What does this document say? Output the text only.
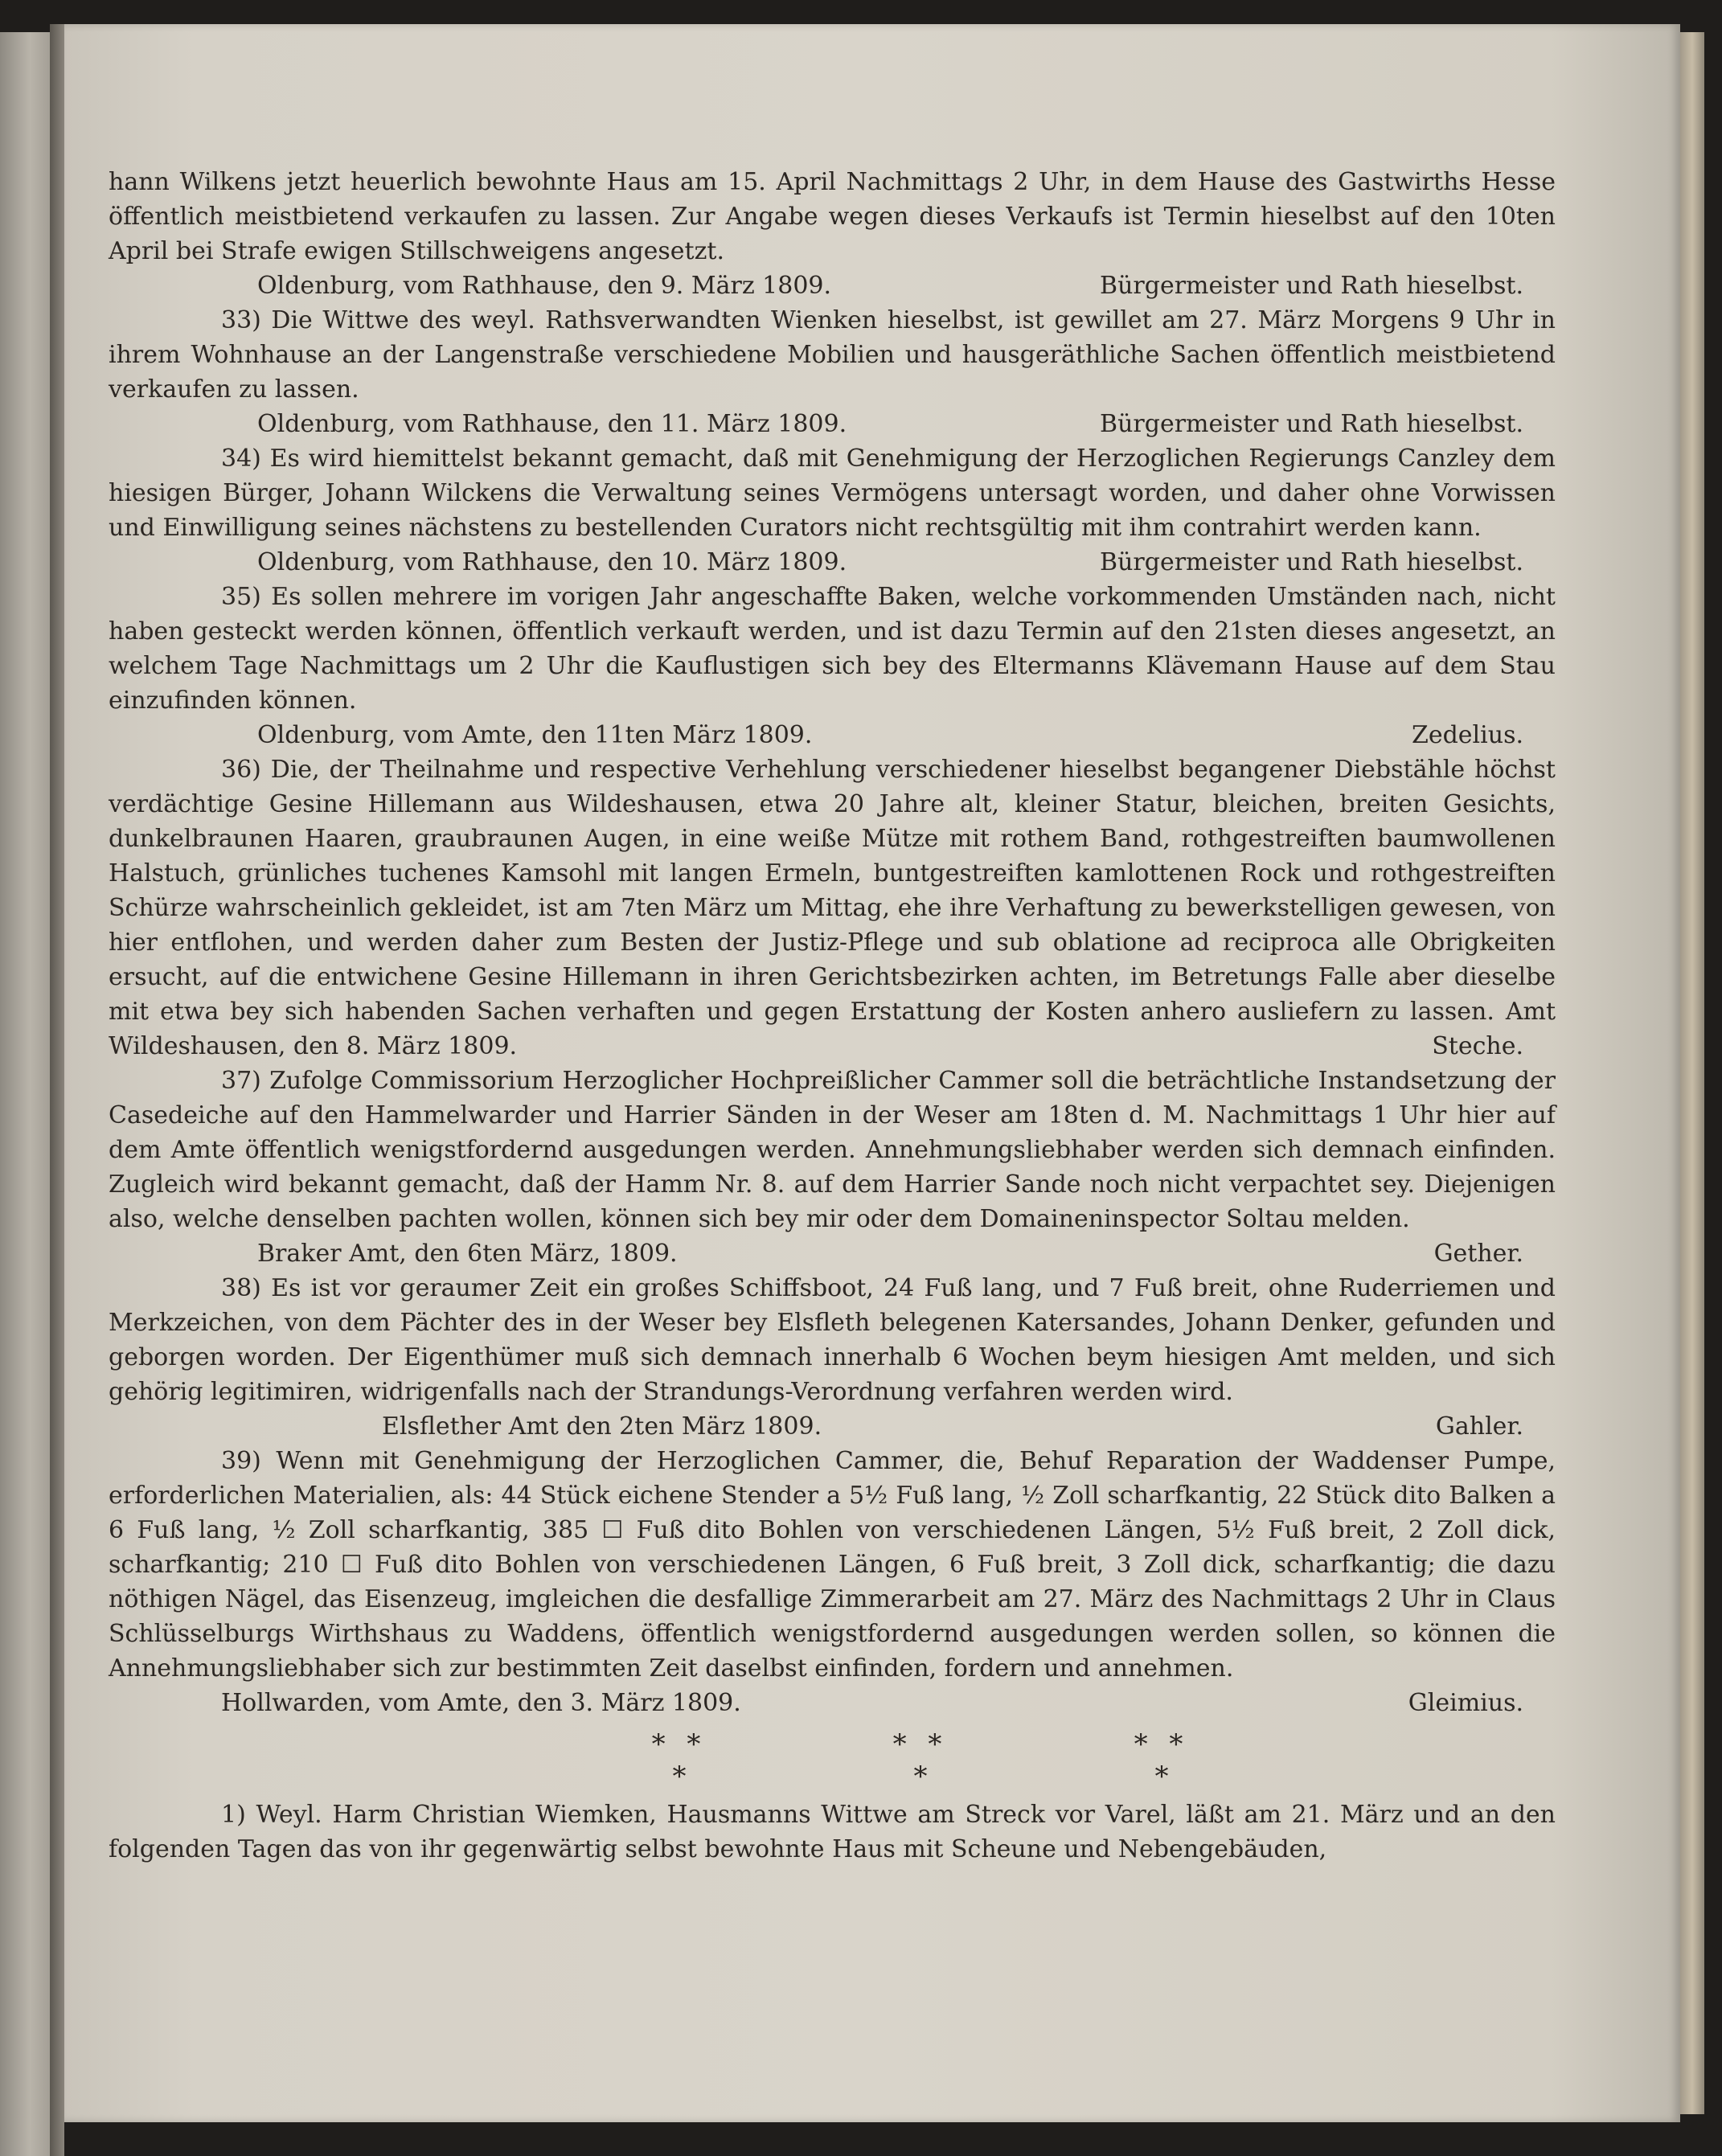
hann Wilkens jetzt heuerlich bewohnte Haus am 15. April Nachmittags 2 Uhr, in dem Hause des Gastwirths Hesse öffentlich meistbietend verkaufen zu lassen. Zur Angabe wegen dieses Verkaufs ist Termin hieselbst auf den 10ten April bei Strafe ewigen Stillschweigens angesetzt.

Oldenburg, vom Rathhause, den 9. März 1809.	Bürgermeister und Rath hieselbst.

33) Die Wittwe des weyl. Rathsverwandten Wienken hieselbst, ist gewillet am 27. März Morgens 9 Uhr in ihrem Wohnhause an der Langenstraße verschiedene Mobilien und hausgeräthliche Sachen öffentlich meistbietend verkaufen zu lassen.

Oldenburg, vom Rathhause, den 11. März 1809.	Bürgermeister und Rath hieselbst.

34) Es wird hiemittelst bekannt gemacht, daß mit Genehmigung der Herzoglichen Regierungs Canzley dem hiesigen Bürger, Johann Wilckens die Verwaltung seines Vermögens untersagt worden, und daher ohne Vorwissen und Einwilligung seines nächstens zu bestellenden Curators nicht rechtsgültig mit ihm contrahirt werden kann.

Oldenburg, vom Rathhause, den 10. März 1809.	Bürgermeister und Rath hieselbst.

35) Es sollen mehrere im vorigen Jahr angeschaffte Baken, welche vorkommenden Umständen nach, nicht haben gesteckt werden können, öffentlich verkauft werden, und ist dazu Termin auf den 21sten dieses angesetzt, an welchem Tage Nachmittags um 2 Uhr die Kauflustigen sich bey des Eltermanns Klävemann Hause auf dem Stau einzufinden können.

Oldenburg, vom Amte, den 11ten März 1809.	Zedelius.

36) Die, der Theilnahme und respective Verhehlung verschiedener hieselbst begangener Diebstähle höchst verdächtige Gesine Hillemann aus Wildeshausen, etwa 20 Jahre alt, kleiner Statur, bleichen, breiten Gesichts, dunkelbraunen Haaren, graubraunen Augen, in eine weiße Mütze mit rothem Band, rothgestreiften baumwollenen Halstuch, grünliches tuchenes Kamsohl mit langen Ermeln, buntgestreiften kamlottenen Rock und rothgestreiften Schürze wahrscheinlich gekleidet, ist am 7ten März um Mittag, ehe ihre Verhaftung zu bewerkstelligen gewesen, von hier entflohen, und werden daher zum Besten der Justiz-Pflege und sub oblatione ad reciproca alle Obrigkeiten ersucht, auf die entwichene Gesine Hillemann in ihren Gerichtsbezirken achten, im Betretungs Falle aber dieselbe mit etwa bey sich habenden Sachen verhaften und gegen Erstattung der Kosten anhero ausliefern zu lassen. Amt Wildeshausen, den 8. März 1809.	Steche.

37) Zufolge Commissorium Herzoglicher Hochpreißlicher Cammer soll die beträchtliche Instandsetzung der Casedeiche auf den Hammelwarder und Harrier Sänden in der Weser am 18ten d. M. Nachmittags 1 Uhr hier auf dem Amte öffentlich wenigstfordernd ausgedungen werden. Annehmungsliebhaber werden sich demnach einfinden. Zugleich wird bekannt gemacht, daß der Hamm Nr. 8. auf dem Harrier Sande noch nicht verpachtet sey. Diejenigen also, welche denselben pachten wollen, können sich bey mir oder dem Domaineninspector Soltau melden.

Braker Amt, den 6ten März, 1809.	Gether.

38) Es ist vor geraumer Zeit ein großes Schiffsboot, 24 Fuß lang, und 7 Fuß breit, ohne Ruderriemen und Merkzeichen, von dem Pächter des in der Weser bey Elsfleth belegenen Katersandes, Johann Denker, gefunden und geborgen worden. Der Eigenthümer muß sich demnach innerhalb 6 Wochen beym hiesigen Amt melden, und sich gehörig legitimiren, widrigenfalls nach der Strandungs-Verordnung verfahren werden wird.

Elsflether Amt den 2ten März 1809.	Gahler.

39) Wenn mit Genehmigung der Herzoglichen Cammer, die, Behuf Reparation der Waddenser Pumpe, erforderlichen Materialien, als: 44 Stück eichene Stender a 5½ Fuß lang, ½ Zoll scharfkantig, 22 Stück dito Balken a 6 Fuß lang, ½ Zoll scharfkantig, 385 ☐ Fuß dito Bohlen von verschiedenen Längen, 5½ Fuß breit, 2 Zoll dick, scharfkantig; 210 ☐ Fuß dito Bohlen von verschiedenen Längen, 6 Fuß breit, 3 Zoll dick, scharfkantig; die dazu nöthigen Nägel, das Eisenzeug, imgleichen die desfallige Zimmerarbeit am 27. März des Nachmittags 2 Uhr in Claus Schlüsselburgs Wirthshaus zu Waddens, öffentlich wenigstfordernd ausgedungen werden sollen, so können die Annehmungsliebhaber sich zur bestimmten Zeit daselbst einfinden, fordern und annehmen.

Hollwarden, vom Amte, den 3. März 1809.	Gleimius.
* *
*
* *
*
* *
*

1) Weyl. Harm Christian Wiemken, Hausmanns Wittwe am Streck vor Varel, läßt am 21. März und an den folgenden Tagen das von ihr gegenwärtig selbst bewohnte Haus mit Scheune und Nebengebäuden,
